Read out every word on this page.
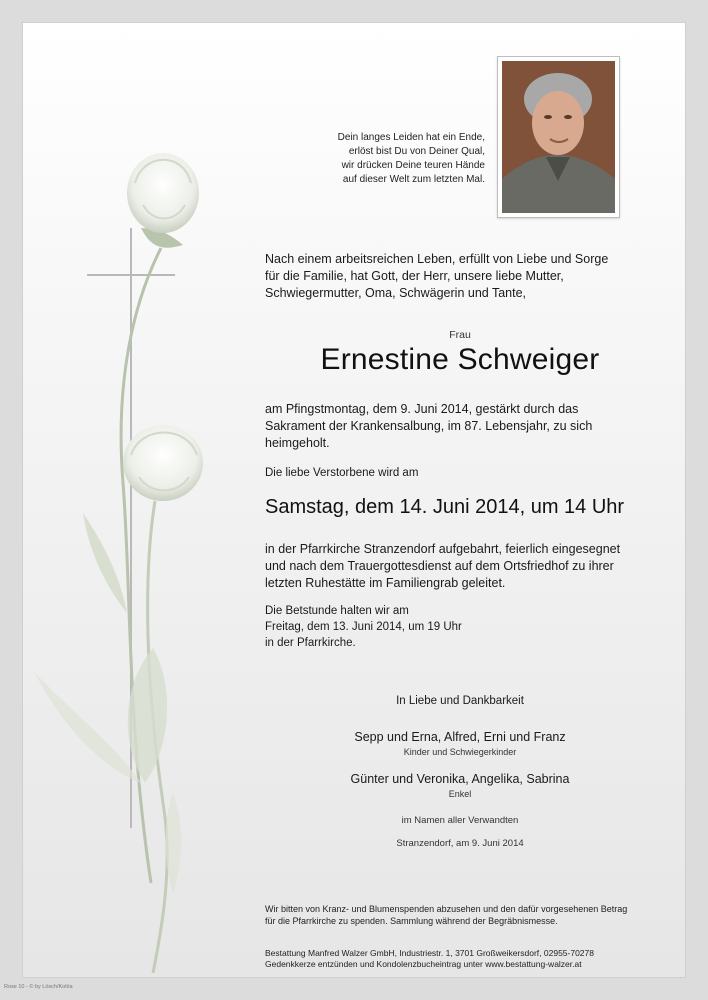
Dein langes Leiden hat ein Ende,
erlöst bist Du von Deiner Qual,
wir drücken Deine teuren Hände
auf dieser Welt zum letzten Mal.
Nach einem arbeitsreichen Leben, erfüllt von Liebe und Sorge
für die Familie, hat Gott, der Herr, unsere liebe Mutter,
Schwiegermutter, Oma, Schwägerin und Tante,
Frau
Ernestine Schweiger
am Pfingstmontag, dem 9. Juni 2014, gestärkt durch das
Sakrament der Krankensalbung, im 87. Lebensjahr, zu sich
heimgeholt.
Die liebe Verstorbene wird am
Samstag, dem 14. Juni 2014, um 14 Uhr
in der Pfarrkirche Stranzendorf aufgebahrt, feierlich eingesegnet
und nach dem Trauergottesdienst auf dem Ortsfriedhof zu ihrer
letzten Ruhestätte im Familiengrab geleitet.
Die Betstunde halten wir am
Freitag, dem 13. Juni 2014, um 19 Uhr
in der Pfarrkirche.
In Liebe und Dankbarkeit
Sepp und Erna, Alfred, Erni und Franz
Kinder und Schwiegerkinder
Günter und Veronika, Angelika, Sabrina
Enkel
im Namen aller Verwandten
Stranzendorf, am 9. Juni 2014
Wir bitten von Kranz- und Blumenspenden abzusehen und den dafür vorgesehenen Betrag
für die Pfarrkirche zu spenden. Sammlung während der Begräbnismesse.
Bestattung Manfred Walzer GmbH, Industriestr. 1, 3701 Großweikersdorf, 02955-70278
Gedenkkerze entzünden und Kondolenzbucheintrag unter www.bestattung-walzer.at
Rose 10 - © by Lösch/Kohla
